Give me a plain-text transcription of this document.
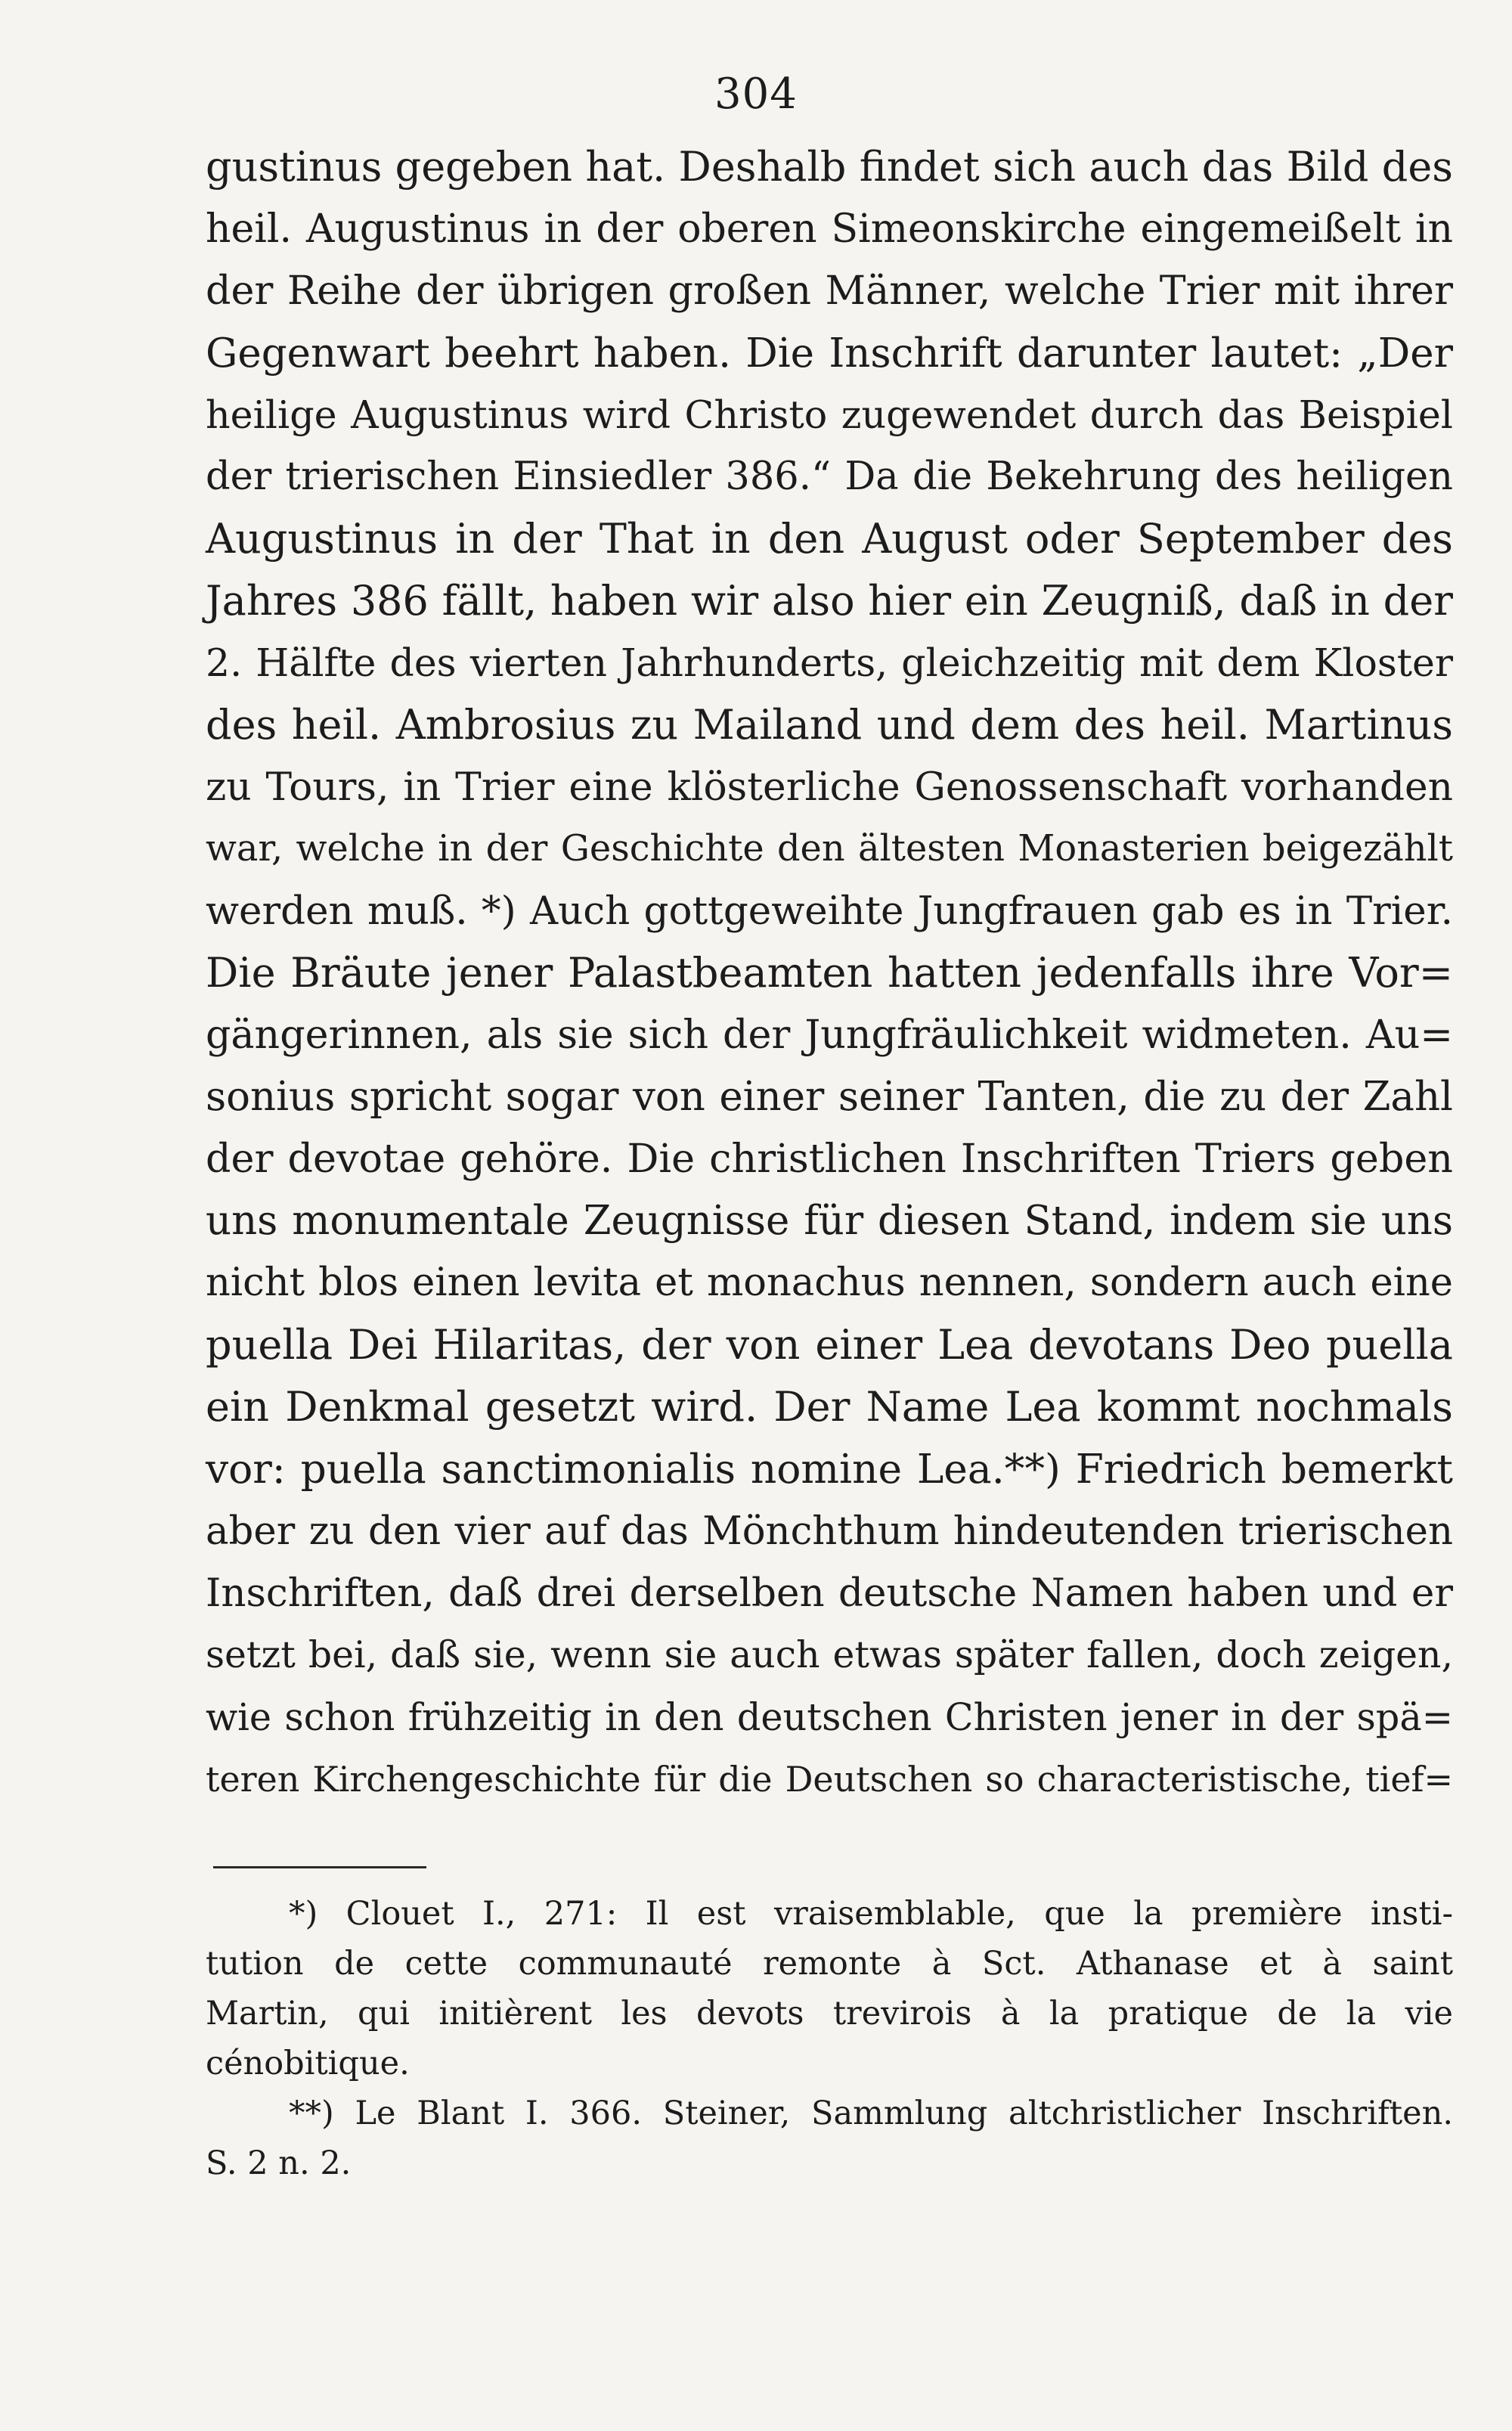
304
gustinus gegeben hat. Deshalb findet sich auch das Bild des
heil. Augustinus in der oberen Simeonskirche eingemeißelt in
der Reihe der übrigen großen Männer, welche Trier mit ihrer
Gegenwart beehrt haben. Die Inschrift darunter lautet: „Der
heilige Augustinus wird Christo zugewendet durch das Beispiel
der trierischen Einsiedler 386.“ Da die Bekehrung des heiligen
Augustinus in der That in den August oder September des
Jahres 386 fällt, haben wir also hier ein Zeugniß, daß in der
2. Hälfte des vierten Jahrhunderts, gleichzeitig mit dem Kloster
des heil. Ambrosius zu Mailand und dem des heil. Martinus
zu Tours, in Trier eine klösterliche Genossenschaft vorhanden
war, welche in der Geschichte den ältesten Monasterien beigezählt
werden muß. *) Auch gottgeweihte Jungfrauen gab es in Trier.
Die Bräute jener Palastbeamten hatten jedenfalls ihre Vor=
gängerinnen, als sie sich der Jungfräulichkeit widmeten. Au=
sonius spricht sogar von einer seiner Tanten, die zu der Zahl
der devotae gehöre. Die christlichen Inschriften Triers geben
uns monumentale Zeugnisse für diesen Stand, indem sie uns
nicht blos einen levita et monachus nennen, sondern auch eine
puella Dei Hilaritas, der von einer Lea devotans Deo puella
ein Denkmal gesetzt wird. Der Name Lea kommt nochmals
vor: puella sanctimonialis nomine Lea.**) Friedrich bemerkt
aber zu den vier auf das Mönchthum hindeutenden trierischen
Inschriften, daß drei derselben deutsche Namen haben und er
setzt bei, daß sie, wenn sie auch etwas später fallen, doch zeigen,
wie schon frühzeitig in den deutschen Christen jener in der spä=
teren Kirchengeschichte für die Deutschen so characteristische, tief=
*) Clouet I., 271: Il est vraisemblable, que la première insti-
tution de cette communauté remonte à Sct. Athanase et à saint
Martin, qui initièrent les devots trevirois à la pratique de la vie
cénobitique.
**) Le Blant I. 366. Steiner, Sammlung altchristlicher Inschriften.
S. 2 n. 2.
